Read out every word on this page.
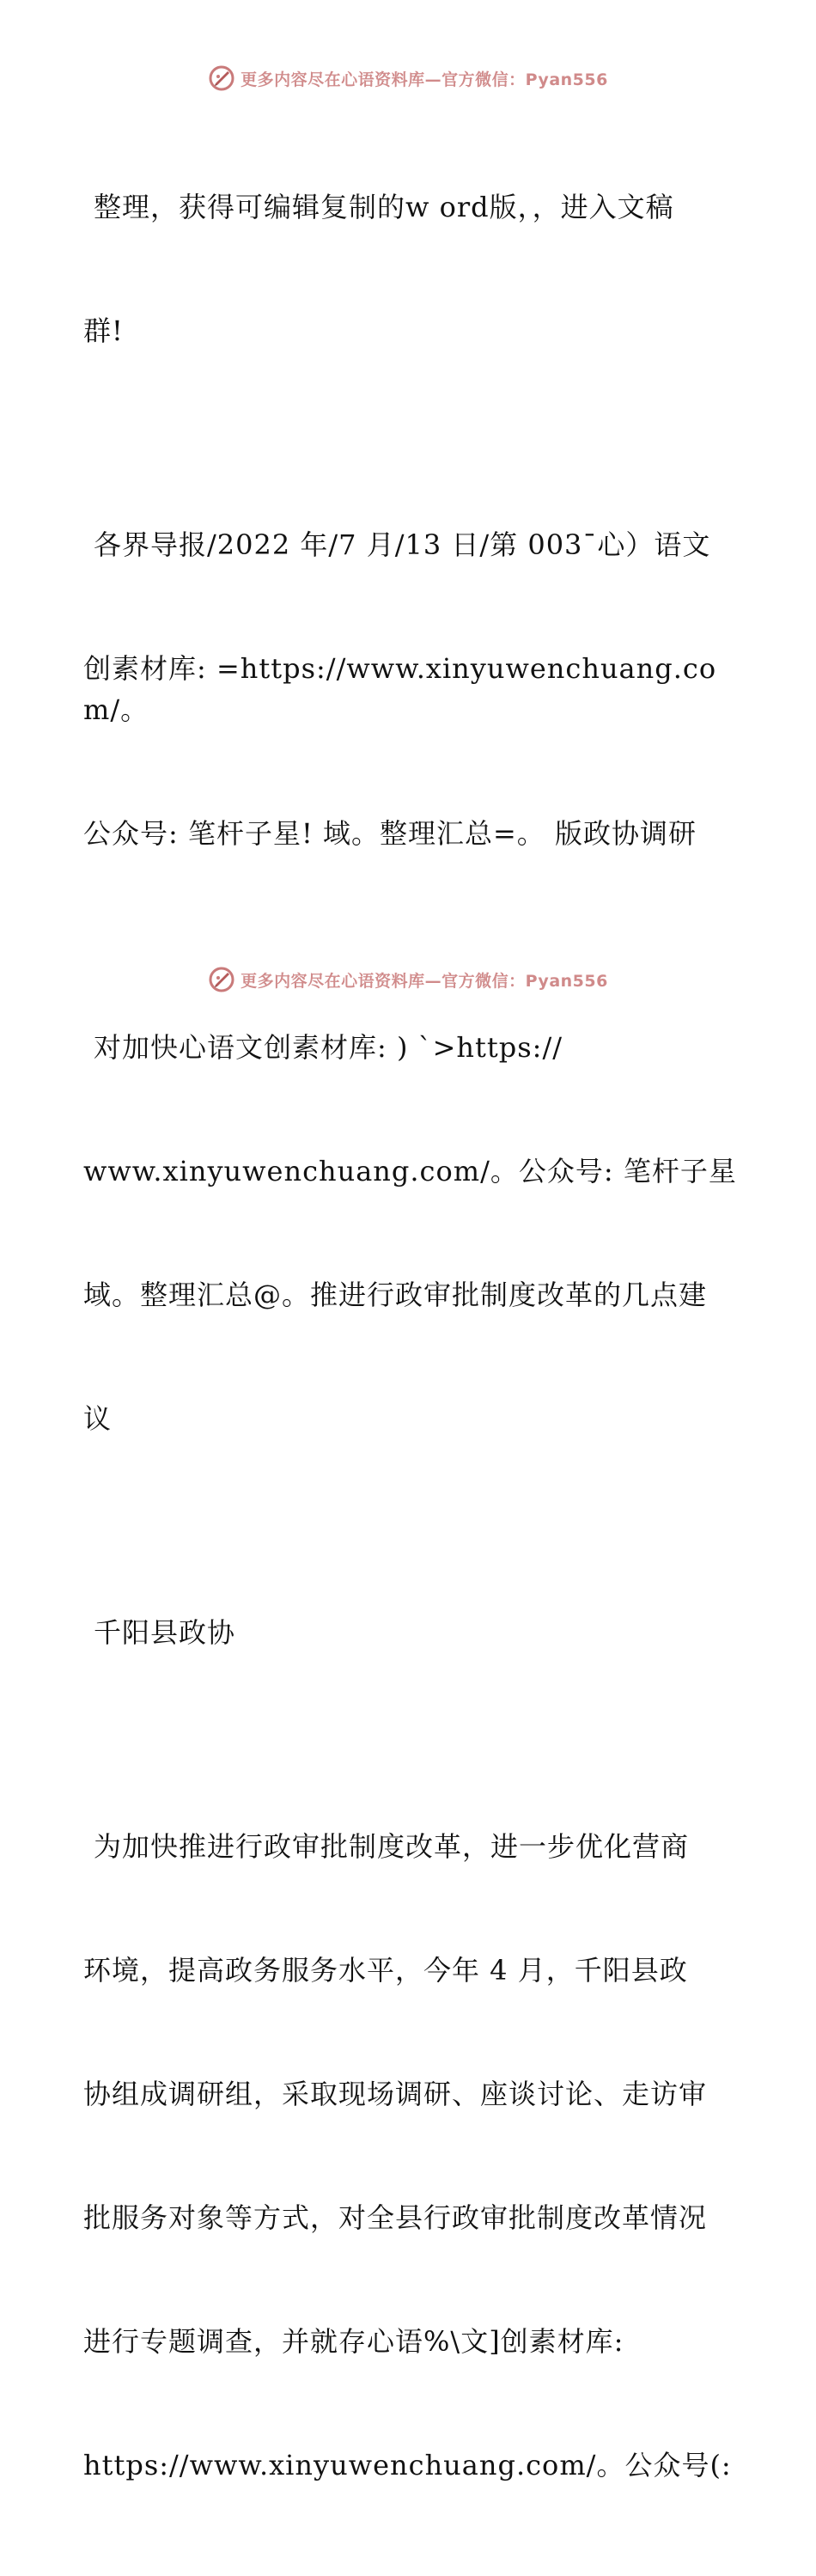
更多内容尽在心语资料库—官方微信：Pyan556

整理，获得可编辑复制的w ord版，，进入文稿

群!

各界导报/2022 年/7 月/13 日/第 003¯心）语文

创素材库: =https://www.xinyuwenchuang.com/。

公众号: 笔杆子星! 域。整理汇总=。 版政协调研

对加快心语文创素材库: ) `>https://

www.xinyuwenchuang.com/。公众号: 笔杆子星

域。整理汇总@。推进行政审批制度改革的几点建

议

千阳县政协

为加快推进行政审批制度改革，进一步优化营商

环境，提高政务服务水平，今年 4 月，千阳县政

协组成调研组，采取现场调研、座谈讨论、走访审

批服务对象等方式，对全县行政审批制度改革情况

进行专题调查，并就存心语%\文]创素材库:

https://www.xinyuwenchuang.com/。公众号(:

更多内容尽在心语资料库—官方微信：Pyan556
